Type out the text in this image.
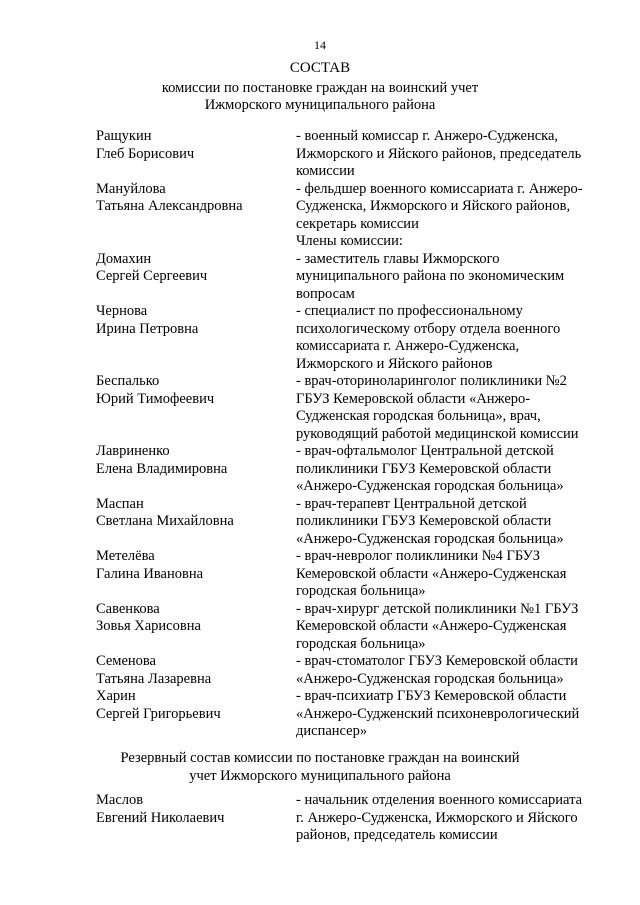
14
СОСТАВ
комиссии по постановке граждан на воинский учет Ижморского муниципального района
Ращукин	- военный комиссар г. Анжеро-Судженска,
Глеб Борисович	Ижморского и Яйского районов, председатель
комиссии
Мануйлова	- фельдшер военного комиссариата г. Анжеро-
Татьяна Александровна	Судженска, Ижморского и Яйского районов,
секретарь комиссии
Члены комиссии:
Домахин	- заместитель главы Ижморского
Сергей Сергеевич	муниципального района по экономическим
вопросам
Чернова	- специалист по профессиональному
Ирина Петровна	психологическому отбору отдела военного
комиссариата г. Анжеро-Судженска,
Ижморского и Яйского районов
Беспалько	- врач-оториноларинголог поликлиники №2
Юрий Тимофеевич	ГБУЗ Кемеровской области «Анжеро-
Судженская городская больница», врач,
руководящий работой медицинской комиссии
Лавриненко	- врач-офтальмолог Центральной детской
Елена Владимировна	поликлиники ГБУЗ Кемеровской области
«Анжеро-Судженская городская больница»
Маспан	- врач-терапевт Центральной детской
Светлана Михайловна	поликлиники ГБУЗ Кемеровской области
«Анжеро-Судженская городская больница»
Метелёва	- врач-невролог поликлиники №4 ГБУЗ
Галина Ивановна	Кемеровской области «Анжеро-Судженская
городская больница»
Савенкова	- врач-хирург детской поликлиники №1 ГБУЗ
Зовья Харисовна	Кемеровской области «Анжеро-Судженская
городская больница»
Семенова	- врач-стоматолог ГБУЗ Кемеровской области
Татьяна Лазаревна	«Анжеро-Судженская городская больница»
Харин	- врач-психиатр ГБУЗ Кемеровской области
Сергей Григорьевич	«Анжеро-Судженский психоневрологический
диспансер»
Резервный состав комиссии по постановке граждан на воинский учет Ижморского муниципального района
Маслов	- начальник отделения военного комиссариата
Евгений Николаевич	г. Анжеро-Судженска, Ижморского и Яйского
районов, председатель комиссии
